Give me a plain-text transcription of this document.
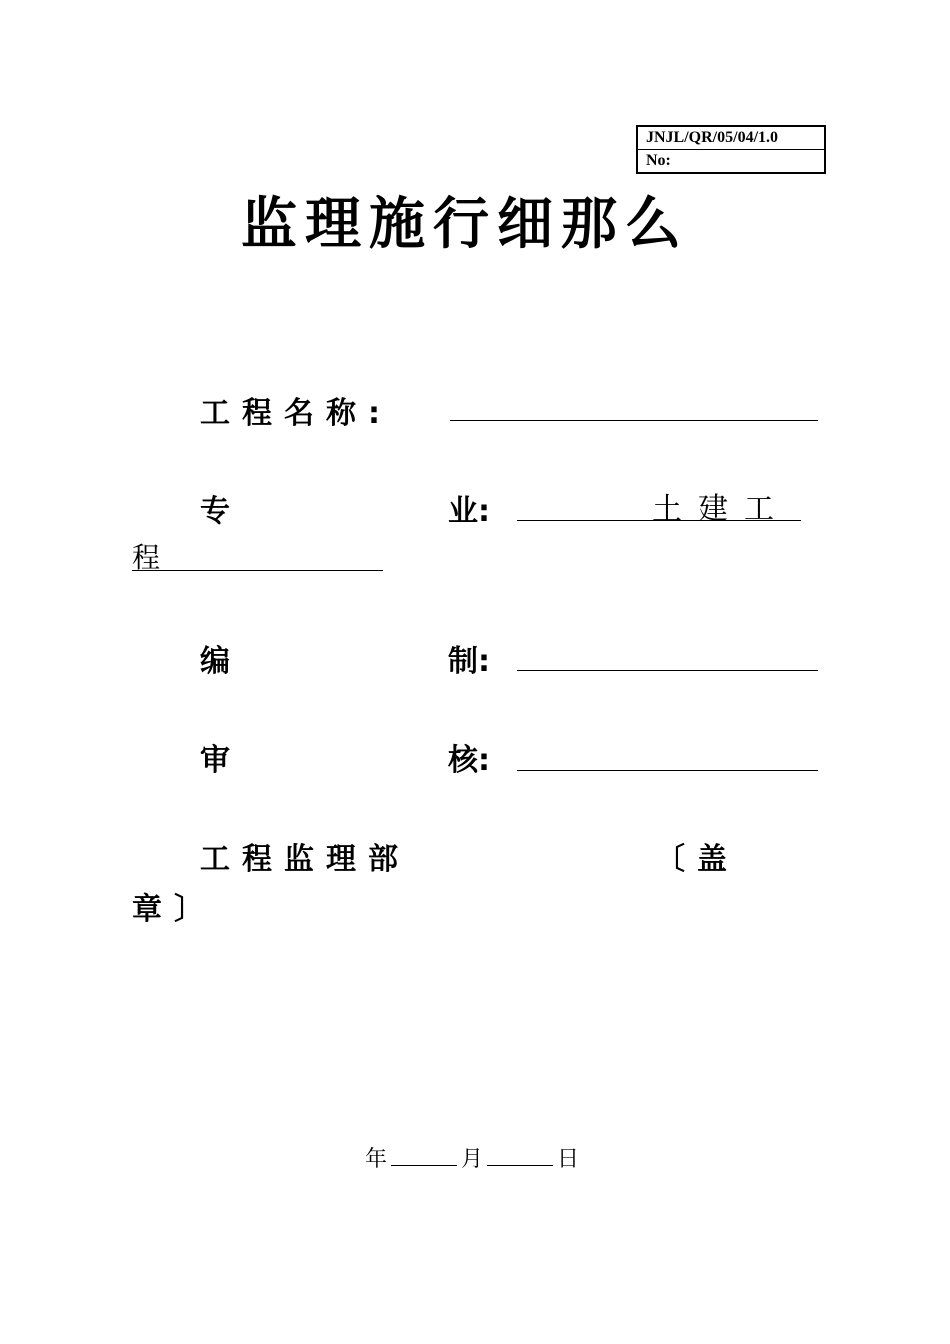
JNJL/QR/05/04/1.0
No:
监理施行细那么
工程名称:
专	业:	土建工
程
编	制:
审	核:
工程监理部	〔盖
章〕
年	月	日
